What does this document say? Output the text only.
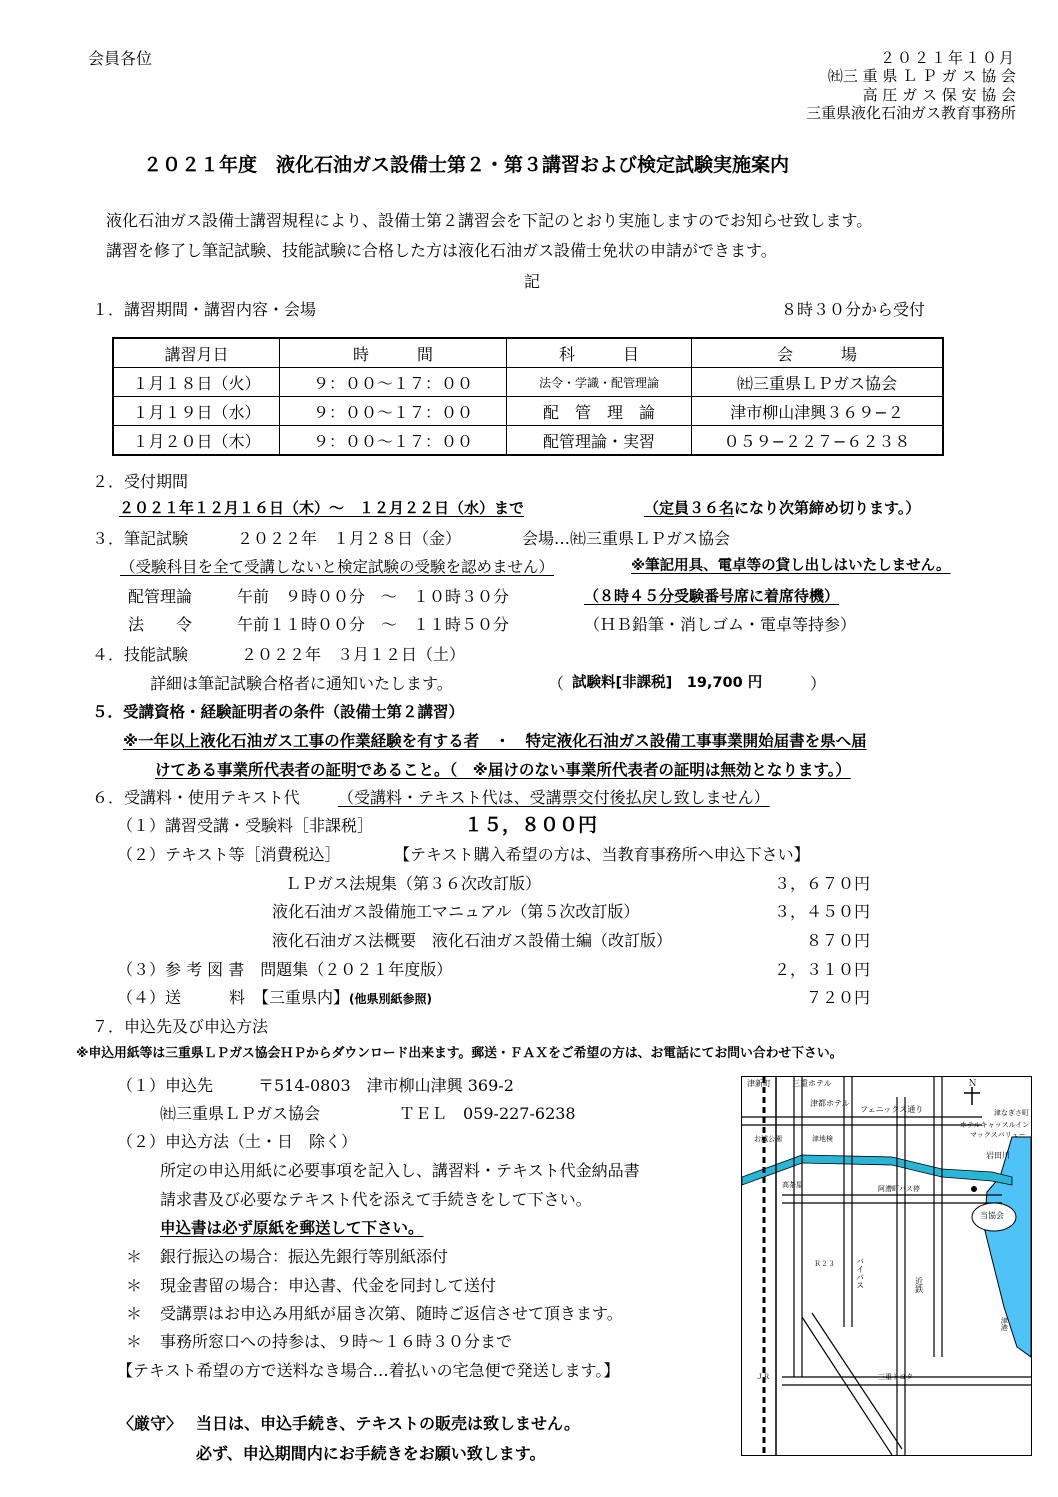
会員各位	２０２１年１０月
㈳三 重 県 Ｌ Ｐ ガ ス 協 会
高 圧 ガ ス 保 安 協 会
三重県液化石油ガス教育事務所
２０２１年度　液化石油ガス設備士第２・第３講習および検定試験実施案内
液化石油ガス設備士講習規程により、設備士第２講習会を下記のとおり実施しますのでお知らせ致します。
講習を修了し筆記試験、技能試験に合格した方は液化石油ガス設備士免状の申請ができます。
記
１．講習期間・講習内容・会場	８時３０分から受付
講習月日	時　　　間	科　　　目	会　　　場
１月１８日（火）	９：００〜１７：００	法令・学識・配管理論	㈳三重県ＬＰガス協会
１月１９日（水）	９：００〜１７：００	配　管　理　論	津市柳山津興３６９−２
１月２０日（木）	９：００〜１７：００	配管理論・実習	０５９−２２７−６２３８
２．受付期間
２０２１年１２月１６日（木）〜　１２月２２日（水）まで	（定員３６名になり次第締め切ります。）
３．筆記試験	２０２２年　１月２８日（金）	会場…㈳三重県ＬＰガス協会
（受験科目を全て受講しないと検定試験の受験を認めません）	※筆記用具、電卓等の貸し出しはいたしません。
配管理論	午前　９時００分　〜　１０時３０分	（８時４５分受験番号席に着席待機）
法　　令	午前１１時００分　〜　１１時５０分	（ＨＢ鉛筆・消しゴム・電卓等持参）
４．技能試験	２０２２年　３月１２日（土）
詳細は筆記試験合格者に通知いたします。	（ 試験料[非課税]　19,700 円	）
５．受講資格・経験証明者の条件（設備士第２講習）
※一年以上液化石油ガス工事の作業経験を有する者　・　特定液化石油ガス設備工事事業開始届書を県へ届
けてある事業所代表者の証明であること。（　※届けのない事業所代表者の証明は無効となります。）
６．受講料・使用テキスト代 （受講料・テキスト代は、受講票交付後払戻し致しません）
（１）講習受講・受験料［非課税］	１５，８００円
（２）テキスト等［消費税込］	【テキスト購入希望の方は、当教育事務所へ申込下さい】
ＬＰガス法規集（第３６次改訂版）	３，６７０円
液化石油ガス設備施工マニュアル（第５次改訂版）	３，４５０円
液化石油ガス法概要　液化石油ガス設備士編（改訂版）	８７０円
（３）参 考 図 書　問題集（２０２１年度版）	２，３１０円
（４）送　　　料　【三重県内】(他県別紙参照)	７２０円
７．申込先及び申込方法
※申込用紙等は三重県ＬＰガス協会ＨＰからダウンロード出来ます。郵送・ＦＡＸをご希望の方は、お電話にてお問い合わせ下さい。
（１）申込先	〒514-0803　津市柳山津興 369-2
㈳三重県ＬＰガス協会	ＴＥＬ　059-227-6238
（２）申込方法（土・日　除く）
所定の申込用紙に必要事項を記入し、講習料・テキスト代金納品書
請求書及び必要なテキスト代を添えて手続きをして下さい。
申込書は必ず原紙を郵送して下さい。
＊ 銀行振込の場合：振込先銀行等別紙添付
＊ 現金書留の場合：申込書、代金を同封して送付
＊ 受講票はお申込み用紙が届き次第、随時ご返信させて頂きます。
＊ 事務所窓口への持参は、９時〜１６時３０分まで
【テキスト希望の方で送料なき場合…着払いの宅急便で発送します。】
〈厳守〉 当日は、申込手続き、テキストの販売は致しません。
必ず、申込期間内にお手続きをお願い致します。
Ｎ
津新町	三重ホテル
津都ホテル
フェニックス通り	津なぎさ町
ホテルキャッスルイン
マックスバリュー
お城公園	津地検
岩田川
高茶屋	阿漕町バス停
当協会
バイパス	近鉄
Ｒ２３
三重トヨタ
ＪＲ
津港
